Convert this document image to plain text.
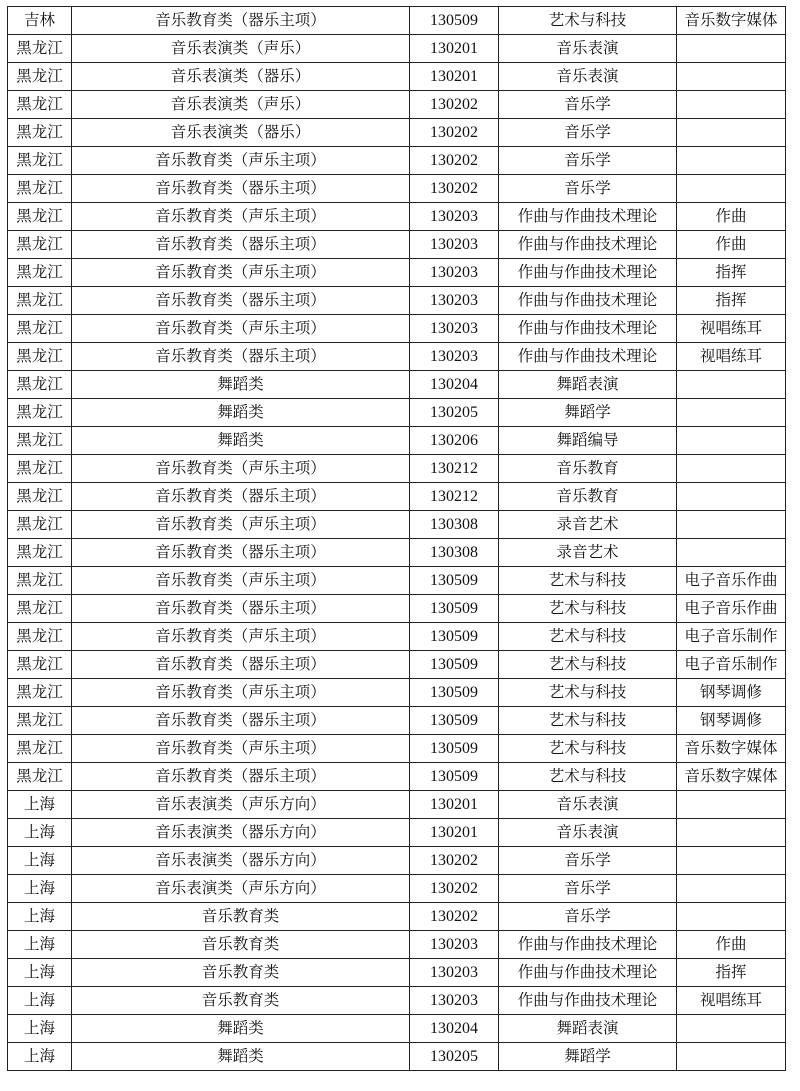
吉林	音乐教育类（器乐主项）	130509	艺术与科技	音乐数字媒体
黑龙江	音乐表演类（声乐）	130201	音乐表演	
黑龙江	音乐表演类（器乐）	130201	音乐表演	
黑龙江	音乐表演类（声乐）	130202	音乐学	
黑龙江	音乐表演类（器乐）	130202	音乐学	
黑龙江	音乐教育类（声乐主项）	130202	音乐学	
黑龙江	音乐教育类（器乐主项）	130202	音乐学	
黑龙江	音乐教育类（声乐主项）	130203	作曲与作曲技术理论	作曲
黑龙江	音乐教育类（器乐主项）	130203	作曲与作曲技术理论	作曲
黑龙江	音乐教育类（声乐主项）	130203	作曲与作曲技术理论	指挥
黑龙江	音乐教育类（器乐主项）	130203	作曲与作曲技术理论	指挥
黑龙江	音乐教育类（声乐主项）	130203	作曲与作曲技术理论	视唱练耳
黑龙江	音乐教育类（器乐主项）	130203	作曲与作曲技术理论	视唱练耳
黑龙江	舞蹈类	130204	舞蹈表演	
黑龙江	舞蹈类	130205	舞蹈学	
黑龙江	舞蹈类	130206	舞蹈编导	
黑龙江	音乐教育类（声乐主项）	130212	音乐教育	
黑龙江	音乐教育类（器乐主项）	130212	音乐教育	
黑龙江	音乐教育类（声乐主项）	130308	录音艺术	
黑龙江	音乐教育类（器乐主项）	130308	录音艺术	
黑龙江	音乐教育类（声乐主项）	130509	艺术与科技	电子音乐作曲
黑龙江	音乐教育类（器乐主项）	130509	艺术与科技	电子音乐作曲
黑龙江	音乐教育类（声乐主项）	130509	艺术与科技	电子音乐制作
黑龙江	音乐教育类（器乐主项）	130509	艺术与科技	电子音乐制作
黑龙江	音乐教育类（声乐主项）	130509	艺术与科技	钢琴调修
黑龙江	音乐教育类（器乐主项）	130509	艺术与科技	钢琴调修
黑龙江	音乐教育类（声乐主项）	130509	艺术与科技	音乐数字媒体
黑龙江	音乐教育类（器乐主项）	130509	艺术与科技	音乐数字媒体
上海	音乐表演类（声乐方向）	130201	音乐表演	
上海	音乐表演类（器乐方向）	130201	音乐表演	
上海	音乐表演类（器乐方向）	130202	音乐学	
上海	音乐表演类（声乐方向）	130202	音乐学	
上海	音乐教育类	130202	音乐学	
上海	音乐教育类	130203	作曲与作曲技术理论	作曲
上海	音乐教育类	130203	作曲与作曲技术理论	指挥
上海	音乐教育类	130203	作曲与作曲技术理论	视唱练耳
上海	舞蹈类	130204	舞蹈表演	
上海	舞蹈类	130205	舞蹈学	
